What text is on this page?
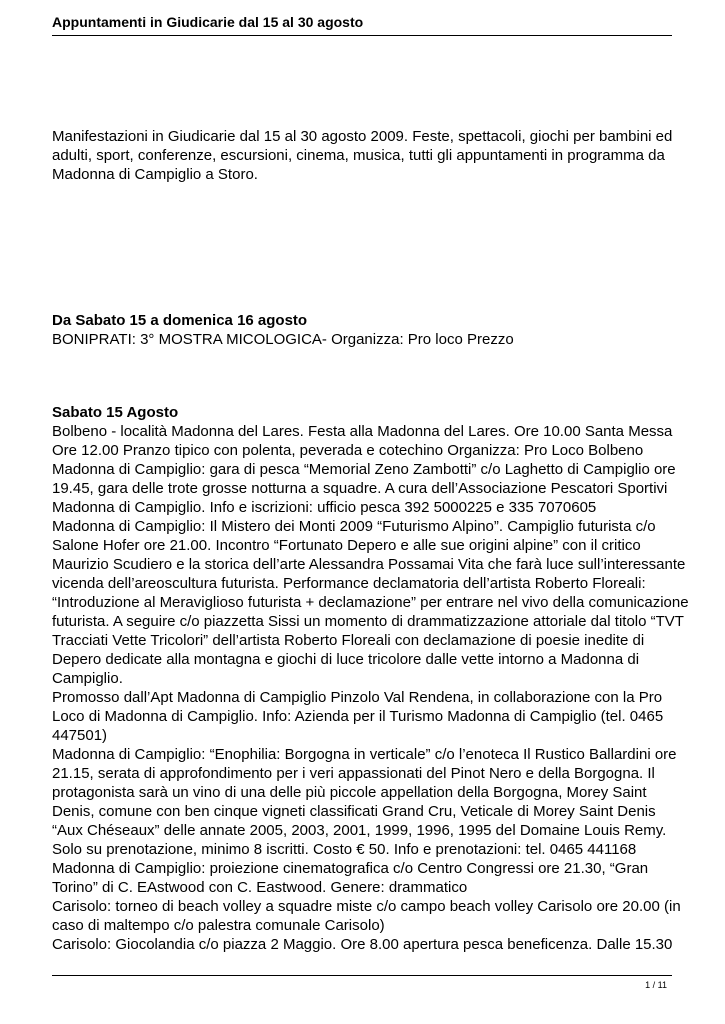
Appuntamenti in Giudicarie dal 15 al 30 agosto
Manifestazioni in Giudicarie dal 15 al 30 agosto 2009. Feste, spettacoli, giochi per bambini ed
adulti, sport, conferenze, escursioni, cinema, musica, tutti gli appuntamenti in programma da
Madonna di Campiglio a Storo.
Da Sabato 15 a domenica 16 agosto
BONIPRATI: 3° MOSTRA MICOLOGICA- Organizza: Pro loco Prezzo
Sabato 15 Agosto
Bolbeno - località Madonna del Lares. Festa alla Madonna del Lares. Ore 10.00 Santa Messa
Ore 12.00 Pranzo tipico con polenta, peverada e cotechino Organizza: Pro Loco Bolbeno
Madonna di Campiglio: gara di pesca “Memorial Zeno Zambotti” c/o Laghetto di Campiglio ore
19.45, gara delle trote grosse notturna a squadre. A cura dell’Associazione Pescatori Sportivi
Madonna di Campiglio. Info e iscrizioni: ufficio pesca 392 5000225 e 335 7070605
Madonna di Campiglio: Il Mistero dei Monti 2009 “Futurismo Alpino”. Campiglio futurista c/o
Salone Hofer ore 21.00. Incontro “Fortunato Depero e alle sue origini alpine” con il critico
Maurizio Scudiero e la storica dell’arte Alessandra Possamai Vita che farà luce sull’interessante
vicenda dell’areoscultura futurista. Performance declamatoria dell’artista Roberto Floreali:
“Introduzione al Meraviglioso futurista + declamazione” per entrare nel vivo della comunicazione
futurista. A seguire c/o piazzetta Sissi un momento di drammatizzazione attoriale dal titolo “TVT
Tracciati Vette Tricolori” dell’artista Roberto Floreali con declamazione di poesie inedite di
Depero dedicate alla montagna e giochi di luce tricolore dalle vette intorno a Madonna di
Campiglio.
Promosso dall’Apt Madonna di Campiglio Pinzolo Val Rendena, in collaborazione con la Pro
Loco di Madonna di Campiglio. Info: Azienda per il Turismo Madonna di Campiglio (tel. 0465
447501)
Madonna di Campiglio: “Enophilia: Borgogna in verticale” c/o l’enoteca Il Rustico Ballardini ore
21.15, serata di approfondimento per i veri appassionati del Pinot Nero e della Borgogna. Il
protagonista sarà un vino di una delle più piccole appellation della Borgogna, Morey Saint
Denis, comune con ben cinque vigneti classificati Grand Cru, Veticale di Morey Saint Denis
“Aux Chéseaux” delle annate 2005, 2003, 2001, 1999, 1996, 1995 del Domaine Louis Remy.
Solo su prenotazione, minimo 8 iscritti. Costo € 50. Info e prenotazioni: tel. 0465 441168
Madonna di Campiglio: proiezione cinematografica c/o Centro Congressi ore 21.30, “Gran
Torino” di C. EAstwood con C. Eastwood. Genere: drammatico
Carisolo: torneo di beach volley a squadre miste c/o campo beach volley Carisolo ore 20.00 (in
caso di maltempo c/o palestra comunale Carisolo)
Carisolo: Giocolandia c/o piazza 2 Maggio. Ore 8.00 apertura pesca beneficenza. Dalle 15.30
1 / 11
